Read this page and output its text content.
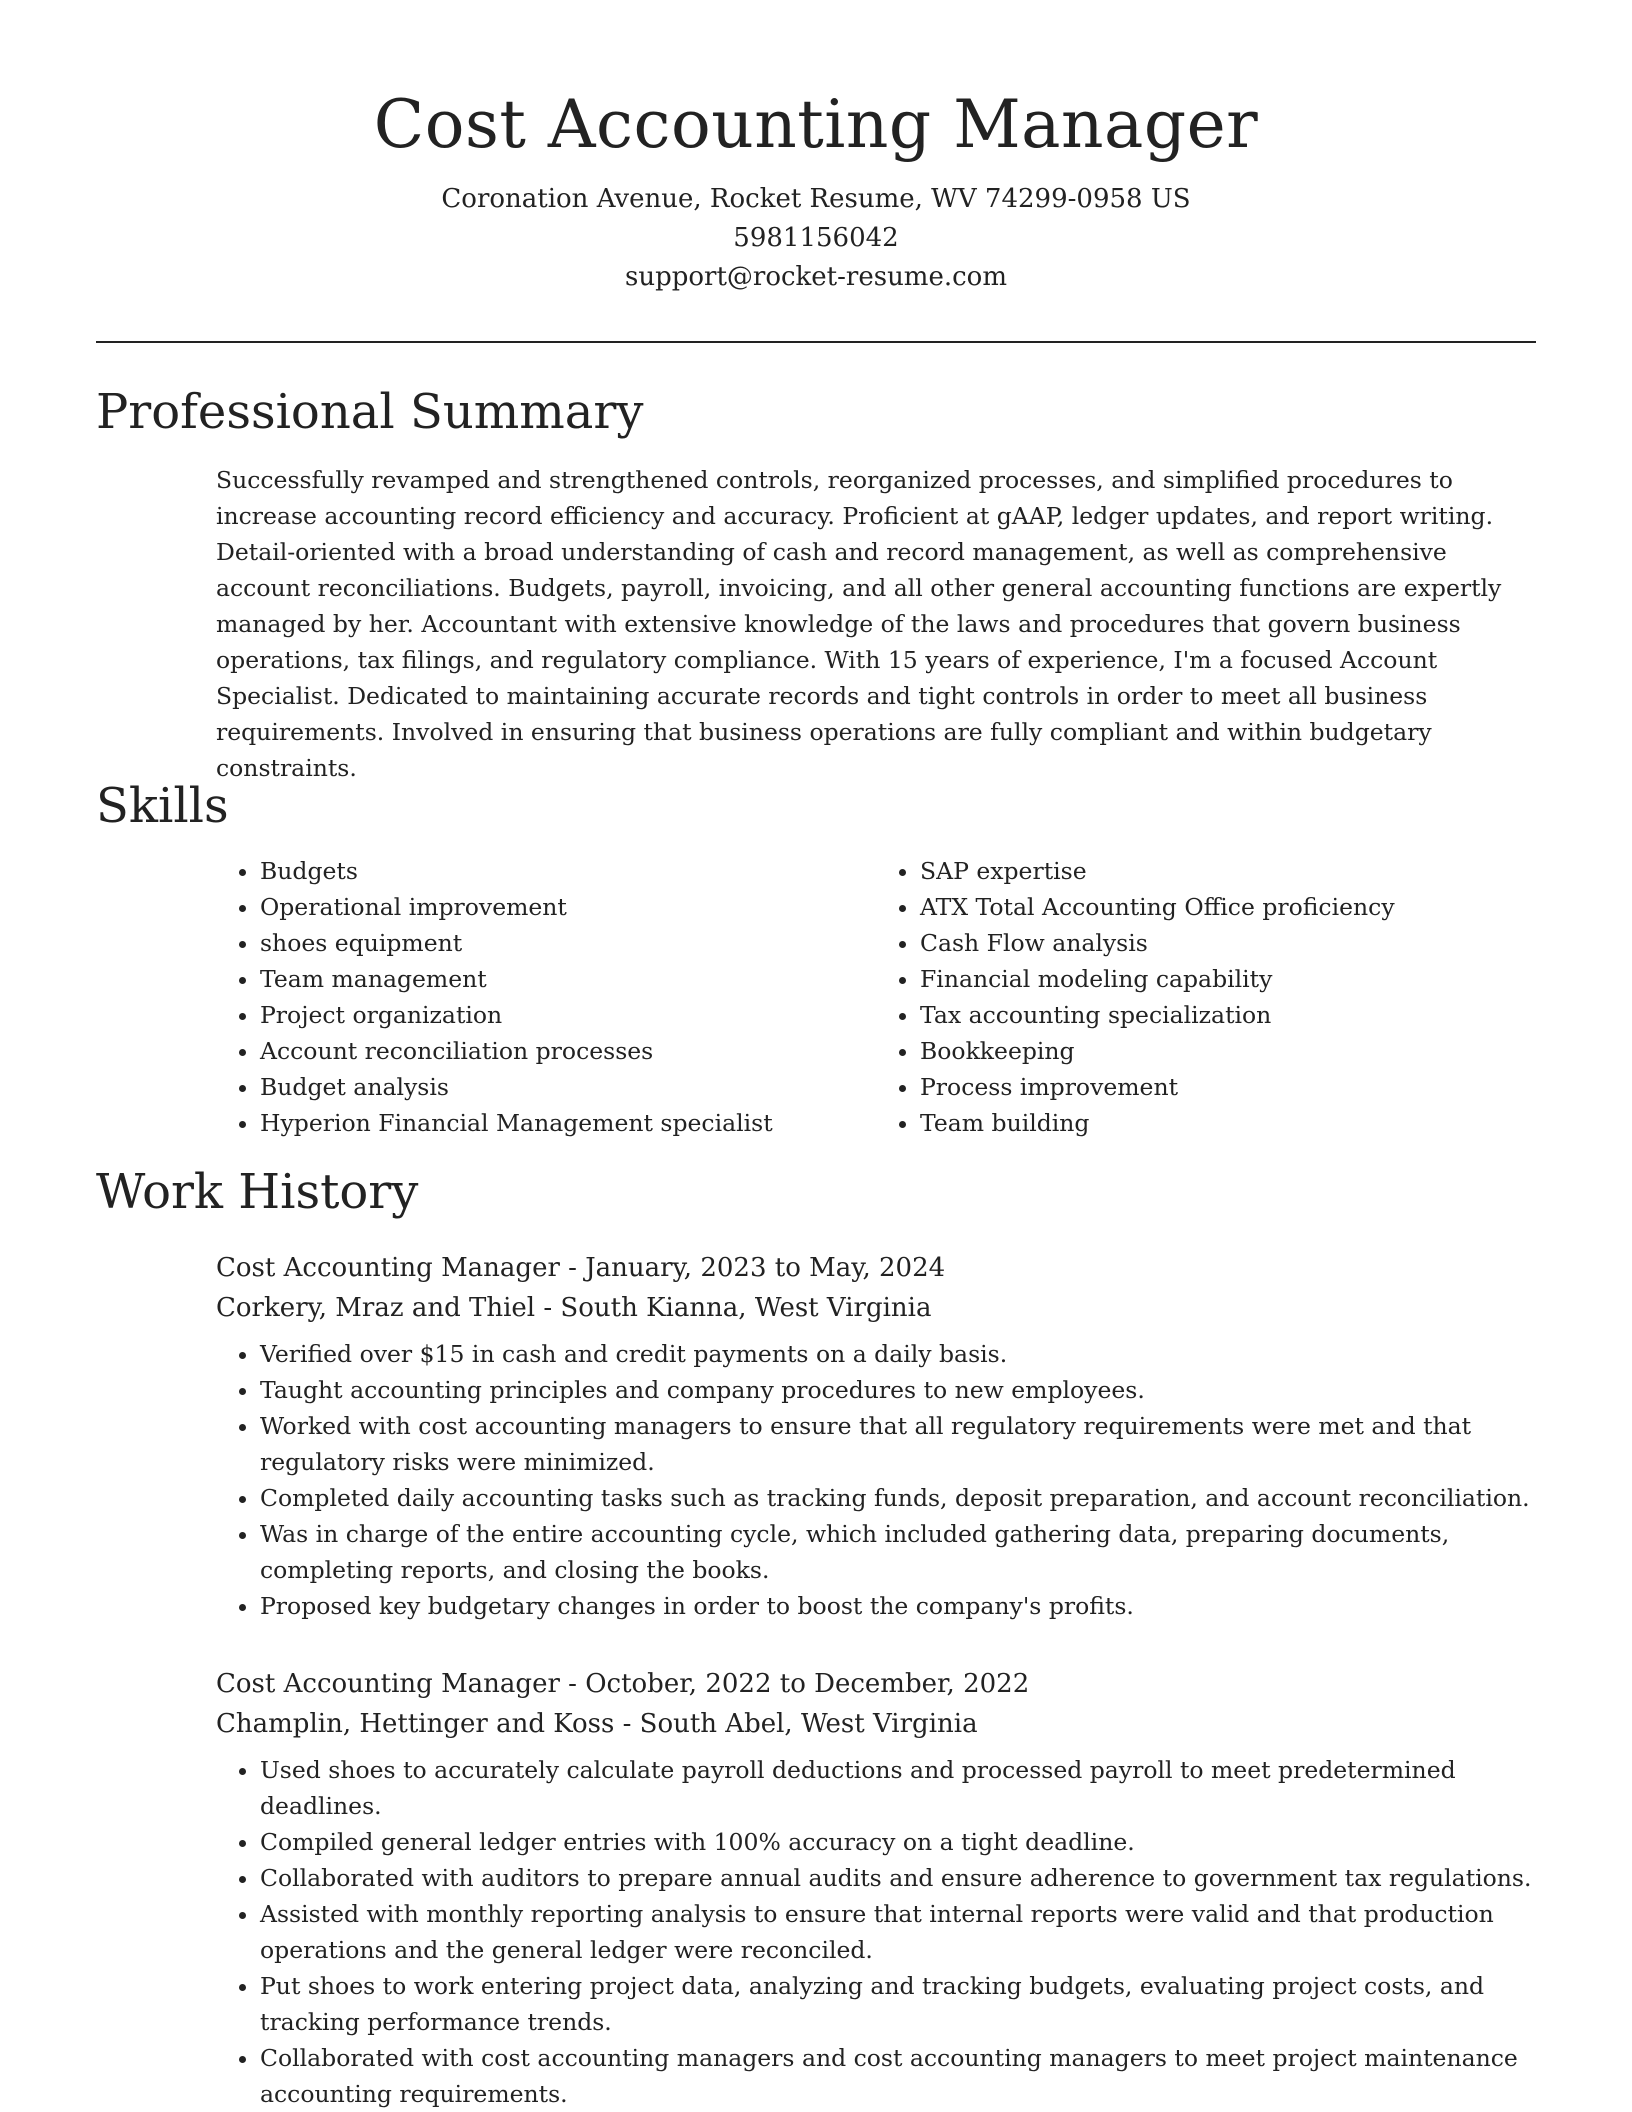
Cost Accounting Manager
Coronation Avenue, Rocket Resume, WV 74299-0958 US
5981156042
support@rocket-resume.com
Professional Summary

Successfully revamped and strengthened controls, reorganized processes, and simplified procedures to increase accounting record efficiency and accuracy. Proficient at gAAP, ledger updates, and report writing. Detail-oriented with a broad understanding of cash and record management, as well as comprehensive account reconciliations. Budgets, payroll, invoicing, and all other general accounting functions are expertly managed by her. Accountant with extensive knowledge of the laws and procedures that govern business operations, tax filings, and regulatory compliance. With 15 years of experience, I'm a focused Account Specialist. Dedicated to maintaining accurate records and tight controls in order to meet all business requirements. Involved in ensuring that business operations are fully compliant and within budgetary constraints.

Skills
• Budgets
• Operational improvement
• shoes equipment
• Team management
• Project organization
• Account reconciliation processes
• Budget analysis
• Hyperion Financial Management specialist
• SAP expertise
• ATX Total Accounting Office proficiency
• Cash Flow analysis
• Financial modeling capability
• Tax accounting specialization
• Bookkeeping
• Process improvement
• Team building
Work History
Cost Accounting Manager - January, 2023 to May, 2024
Corkery, Mraz and Thiel - South Kianna, West Virginia
• Verified over $15 in cash and credit payments on a daily basis.
• Taught accounting principles and company procedures to new employees.
• Worked with cost accounting managers to ensure that all regulatory requirements were met and that regulatory risks were minimized.
• Completed daily accounting tasks such as tracking funds, deposit preparation, and account reconciliation.
• Was in charge of the entire accounting cycle, which included gathering data, preparing documents, completing reports, and closing the books.
• Proposed key budgetary changes in order to boost the company's profits.
Cost Accounting Manager - October, 2022 to December, 2022
Champlin, Hettinger and Koss - South Abel, West Virginia
• Used shoes to accurately calculate payroll deductions and processed payroll to meet predetermined deadlines.
• Compiled general ledger entries with 100% accuracy on a tight deadline.
• Collaborated with auditors to prepare annual audits and ensure adherence to government tax regulations.
• Assisted with monthly reporting analysis to ensure that internal reports were valid and that production operations and the general ledger were reconciled.
• Put shoes to work entering project data, analyzing and tracking budgets, evaluating project costs, and tracking performance trends.
• Collaborated with cost accounting managers and cost accounting managers to meet project maintenance accounting requirements.
